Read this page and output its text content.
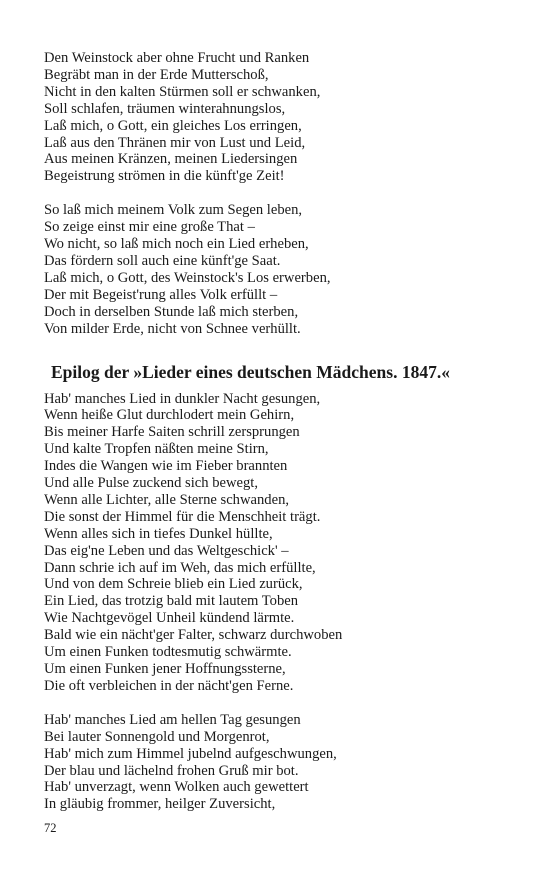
Den Weinstock aber ohne Frucht und Ranken
Begräbt man in der Erde Mutterschoß,
Nicht in den kalten Stürmen soll er schwanken,
Soll schlafen, träumen winterahnungslos,
Laß mich, o Gott, ein gleiches Los erringen,
Laß aus den Thränen mir von Lust und Leid,
Aus meinen Kränzen, meinen Liedersingen
Begeistrung strömen in die künft'ge Zeit!
So laß mich meinem Volk zum Segen leben,
So zeige einst mir eine große That –
Wo nicht, so laß mich noch ein Lied erheben,
Das fördern soll auch eine künft'ge Saat.
Laß mich, o Gott, des Weinstock's Los erwerben,
Der mit Begeist'rung alles Volk erfüllt –
Doch in derselben Stunde laß mich sterben,
Von milder Erde, nicht von Schnee verhüllt.
Epilog der »Lieder eines deutschen Mädchens. 1847.«
Hab' manches Lied in dunkler Nacht gesungen,
Wenn heiße Glut durchlodert mein Gehirn,
Bis meiner Harfe Saiten schrill zersprungen
Und kalte Tropfen näßten meine Stirn,
Indes die Wangen wie im Fieber brannten
Und alle Pulse zuckend sich bewegt,
Wenn alle Lichter, alle Sterne schwanden,
Die sonst der Himmel für die Menschheit trägt.
Wenn alles sich in tiefes Dunkel hüllte,
Das eig'ne Leben und das Weltgeschick' –
Dann schrie ich auf im Weh, das mich erfüllte,
Und von dem Schreie blieb ein Lied zurück,
Ein Lied, das trotzig bald mit lautem Toben
Wie Nachtgevögel Unheil kündend lärmte.
Bald wie ein nächt'ger Falter, schwarz durchwoben
Um einen Funken todtesmutig schwärmte.
Um einen Funken jener Hoffnungssterne,
Die oft verbleichen in der nächt'gen Ferne.
Hab' manches Lied am hellen Tag gesungen
Bei lauter Sonnengold und Morgenrot,
Hab' mich zum Himmel jubelnd aufgeschwungen,
Der blau und lächelnd frohen Gruß mir bot.
Hab' unverzagt, wenn Wolken auch gewettert
In gläubig frommer, heilger Zuversicht,
72
